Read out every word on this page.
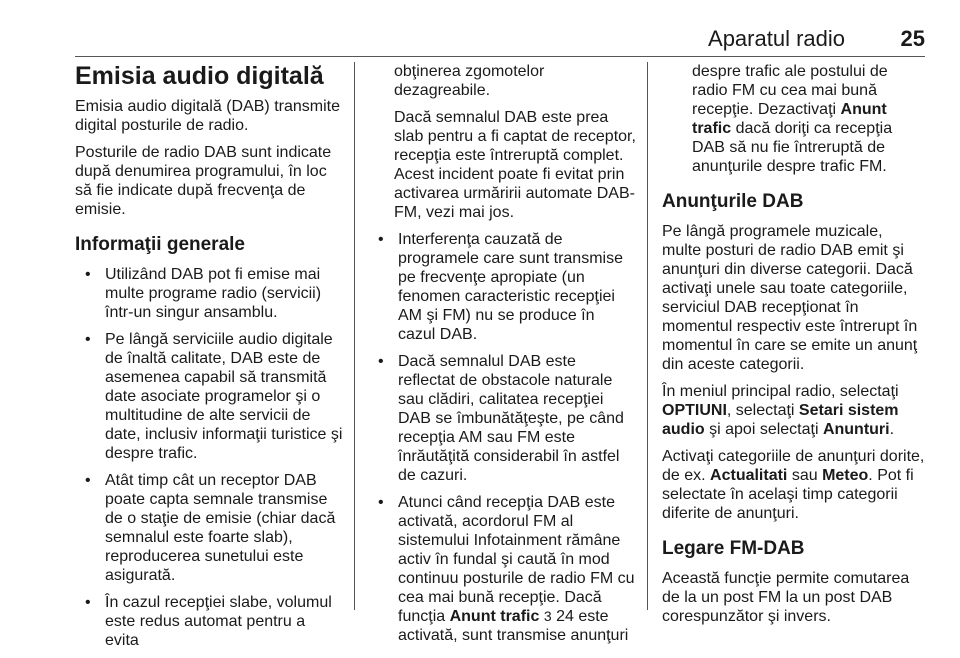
Aparatul radio	25
Emisia audio digitală

Emisia audio digitală (DAB) transmite digital posturile de radio.

Posturile de radio DAB sunt indicate după denumirea programului, în loc să fie indicate după frecvenţa de emisie.

Informaţii generale
• Utilizând DAB pot fi emise mai multe programe radio (servicii) într-un singur ansamblu.
• Pe lângă serviciile audio digitale de înaltă calitate, DAB este de asemenea capabil să transmită date asociate programelor şi o multitudine de alte servicii de date, inclusiv informaţii turistice şi despre trafic.
• Atât timp cât un receptor DAB poate capta semnale transmise de o staţie de emisie (chiar dacă semnalul este foarte slab), reproducerea sunetului este asigurată.
• În cazul recepţiei slabe, volumul este redus automat pentru a evita

obţinerea zgomotelor dezagreabile.

Dacă semnalul DAB este prea slab pentru a fi captat de receptor, recepţia este întreruptă complet. Acest incident poate fi evitat prin activarea urmăririi automate DAB-FM, vezi mai jos.

• Interferenţa cauzată de programele care sunt transmise pe frecvenţe apropiate (un fenomen caracteristic recepţiei AM şi FM) nu se produce în cazul DAB.
• Dacă semnalul DAB este reflectat de obstacole naturale sau clădiri, calitatea recepţiei DAB se îmbunătăţeşte, pe când recepţia AM sau FM este înrăutăţită considerabil în astfel de cazuri.
• Atunci când recepţia DAB este activată, acordorul FM al sistemului Infotainment rămâne activ în fundal şi caută în mod continuu posturile de radio FM cu cea mai bună recepţie. Dacă funcţia Anunt trafic 3 24 este activată, sunt transmise anunţuri

despre trafic ale postului de radio FM cu cea mai bună recepţie. Dezactivaţi Anunt trafic dacă doriţi ca recepţia DAB să nu fie întreruptă de anunţurile despre trafic FM.

Anunţurile DAB

Pe lângă programele muzicale, multe posturi de radio DAB emit şi anunţuri din diverse categorii. Dacă activaţi unele sau toate categoriile, serviciul DAB recepţionat în momentul respectiv este întrerupt în momentul în care se emite un anunţ din aceste categorii.

În meniul principal radio, selectaţi OPTIUNI, selectaţi Setari sistem audio şi apoi selectaţi Anunturi.

Activaţi categoriile de anunţuri dorite, de ex. Actualitati sau Meteo. Pot fi selectate în acelaşi timp categorii diferite de anunţuri.

Legare FM-DAB

Această funcţie permite comutarea de la un post FM la un post DAB corespunzător şi invers.
